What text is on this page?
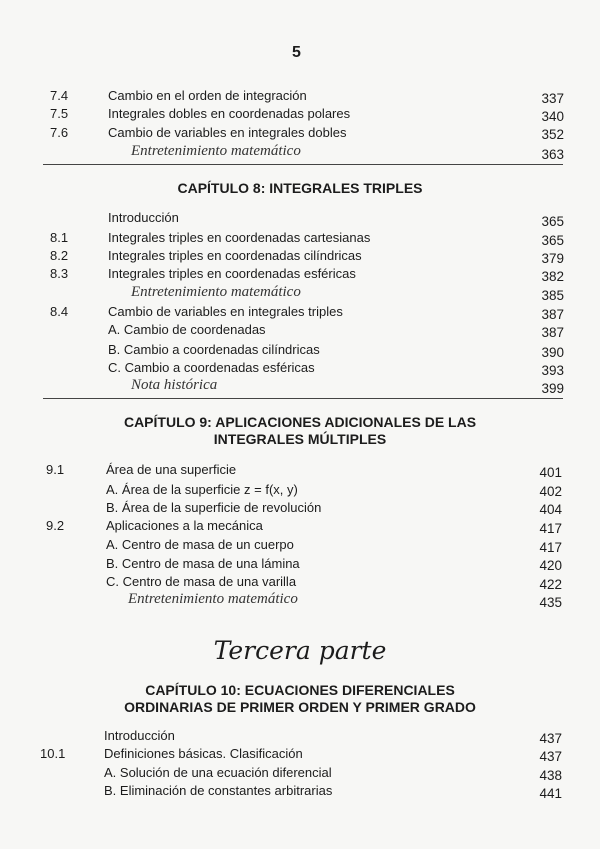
5
7.4	Cambio en el orden de integración	337
7.5	Integrales dobles en coordenadas polares	340
7.6	Cambio de variables en integrales dobles	352
Entretenimiento matemático	363
CAPÍTULO 8: INTEGRALES TRIPLES
Introducción	365
8.1	Integrales triples en coordenadas cartesianas	365
8.2	Integrales triples en coordenadas cilíndricas	379
8.3	Integrales triples en coordenadas esféricas	382
Entretenimiento matemático	385
8.4	Cambio de variables en integrales triples	387
A. Cambio de coordenadas	387
B. Cambio a coordenadas cilíndricas	390
C. Cambio a coordenadas esféricas	393
Nota histórica	399
CAPÍTULO 9: APLICACIONES ADICIONALES DE LAS
INTEGRALES MÚLTIPLES
9.1	Área de una superficie	401
A. Área de la superficie z = f(x, y)	402
B. Área de la superficie de revolución	404
9.2	Aplicaciones a la mecánica	417
A. Centro de masa de un cuerpo	417
B. Centro de masa de una lámina	420
C. Centro de masa de una varilla	422
Entretenimiento matemático	435
Tercera parte
CAPÍTULO 10: ECUACIONES DIFERENCIALES
ORDINARIAS DE PRIMER ORDEN Y PRIMER GRADO
Introducción	437
10.1	Definiciones básicas. Clasificación	437
A. Solución de una ecuación diferencial	438
B. Eliminación de constantes arbitrarias	441
